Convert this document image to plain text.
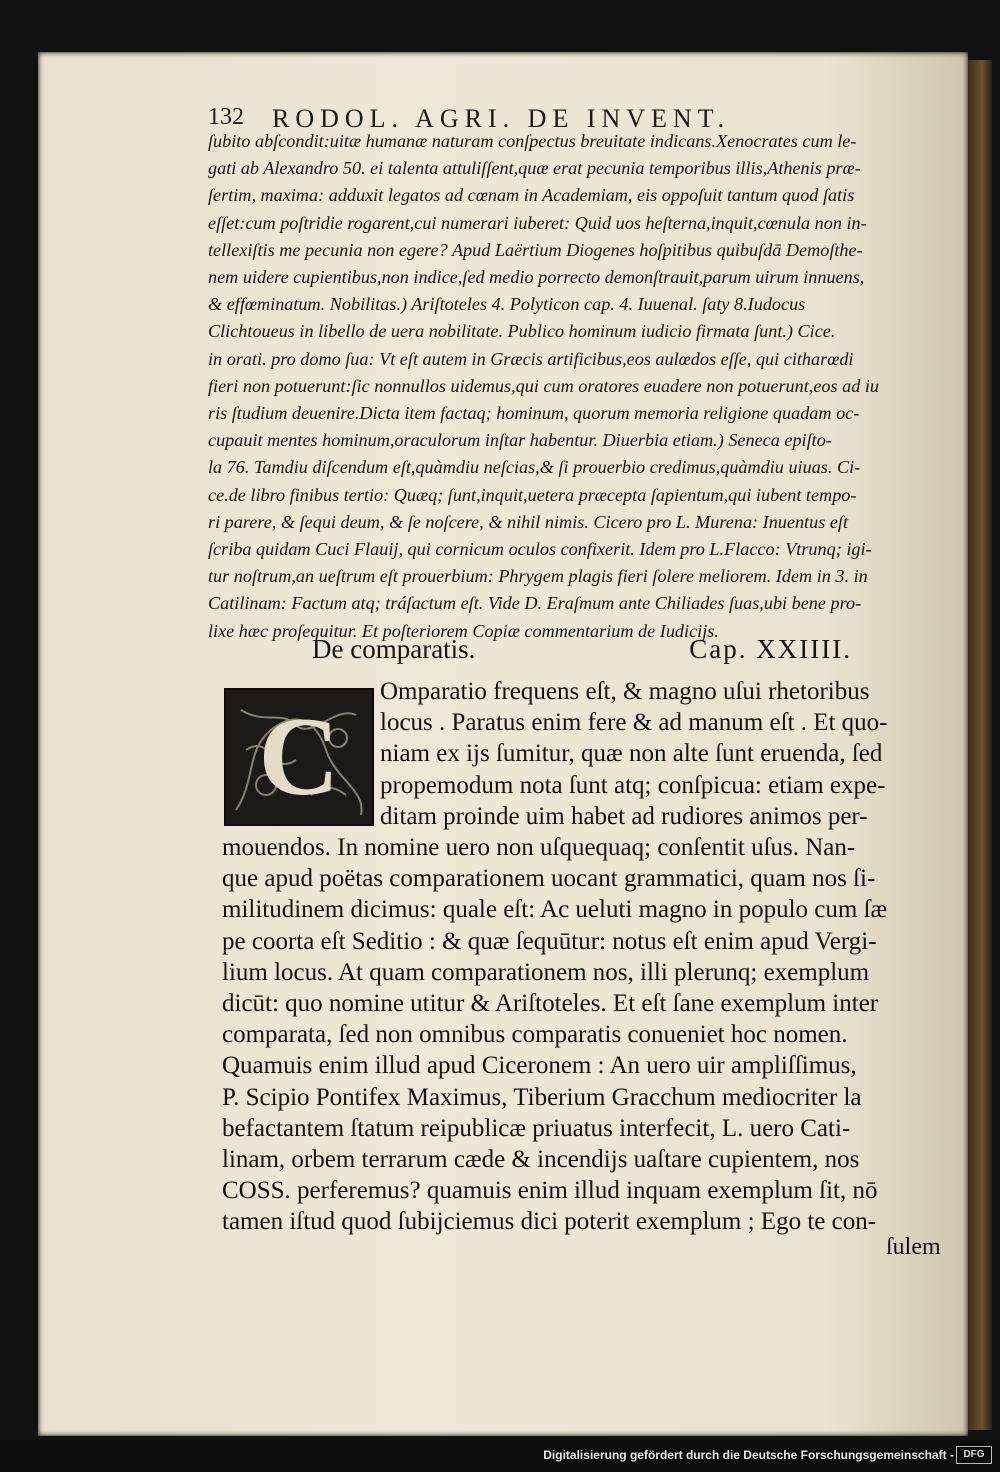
132 RODOL. AGRI. DE INVENT.

ſubito abſcondit:uitæ humanæ naturam conſpectus breuitate indicans.Xenocrates cum le-
gati ab Alexandro 50. ei talenta attuliſſent,quæ erat pecunia temporibus illis,Athenis præ-
ſertim, maxima: adduxit legatos ad cœnam in Academiam, eis oppoſuit tantum quod ſatis
eſſet:cum poſtridie rogarent,cui numerari iuberet: Quid uos heſterna,inquit,cœnula non in-
tellexiſtis me pecunia non egere? Apud Laërtium Diogenes hoſpitibus quibuſdā Demoſthe-
nem uidere cupientibus,non indice,ſed medio porrecto demonſtrauit,parum uirum innuens,
& effœminatum. Nobilitas.) Ariſtoteles 4. Polyticon cap. 4. Iuuenal. ſaty 8.Iudocus
Clichtoueus in libello de uera nobilitate. Publico hominum iudicio firmata ſunt.) Cice.
in orati. pro domo ſua: Vt eſt autem in Græcis artificibus,eos aulœdos eſſe, qui citharœdi
fieri non potuerunt:ſic nonnullos uidemus,qui cum oratores euadere non potuerunt,eos ad iu
ris ſtudium deuenire.Dicta item factaq; hominum, quorum memoria religione quadam oc-
cupauit mentes hominum,oraculorum inſtar habentur. Diuerbia etiam.) Seneca epiſto-
la 76. Tamdiu diſcendum eſt,quàmdiu neſcias,& ſi prouerbio credimus,quàmdiu uiuas. Ci-
ce.de libro finibus tertio: Quæq; ſunt,inquit,uetera præcepta ſapientum,qui iubent tempo-
ri parere, & ſequi deum, & ſe noſcere, & nihil nimis. Cicero pro L. Murena: Inuentus eſt
ſcriba quidam Cuci Flauij, qui cornicum oculos confixerit. Idem pro L.Flacco: Vtrunq; igi-
tur noſtrum,an ueſtrum eſt prouerbium: Phrygem plagis fieri ſolere meliorem. Idem in 3. in
Catilinam: Factum atq; tráſactum eſt. Vide D. Eraſmum ante Chiliades ſuas,ubi bene pro-
lixe hæc proſequitur. Et poſteriorem Copiæ commentarium de Iudicijs.

De comparatis.	Cap. XXIIII.
C
Omparatio frequens eſt, & magno uſui rhetoribus
locus . Paratus enim fere & ad manum eſt . Et quo-
niam ex ijs ſumitur, quæ non alte ſunt eruenda, ſed
propemodum nota ſunt atq; conſpicua: etiam expe-
ditam proinde uim habet ad rudiores animos per-
mouendos. In nomine uero non uſquequaq; conſentit uſus. Nan-
que apud poëtas comparationem uocant grammatici, quam nos ſi-
militudinem dicimus: quale eſt: Ac ueluti magno in populo cum ſæ
pe coorta eſt Seditio : & quæ ſequūtur: notus eſt enim apud Vergi-
lium locus. At quam comparationem nos, illi plerunq; exemplum
dicūt: quo nomine utitur & Ariſtoteles. Et eſt ſane exemplum inter
comparata, ſed non omnibus comparatis conueniet hoc nomen.
Quamuis enim illud apud Ciceronem : An uero uir ampliſſimus,
P. Scipio Pontifex Maximus, Tiberium Gracchum mediocriter la
befactantem ſtatum reipublicæ priuatus interfecit, L. uero Cati-
linam, orbem terrarum cæde & incendijs uaſtare cupientem, nos
COSS. perferemus? quamuis enim illud inquam exemplum ſit, nō
tamen iſtud quod ſubijciemus dici poterit exemplum ; Ego te con-
ſulem
Digitalisierung gefördert durch die Deutsche Forschungsgemeinschaft - DFG
